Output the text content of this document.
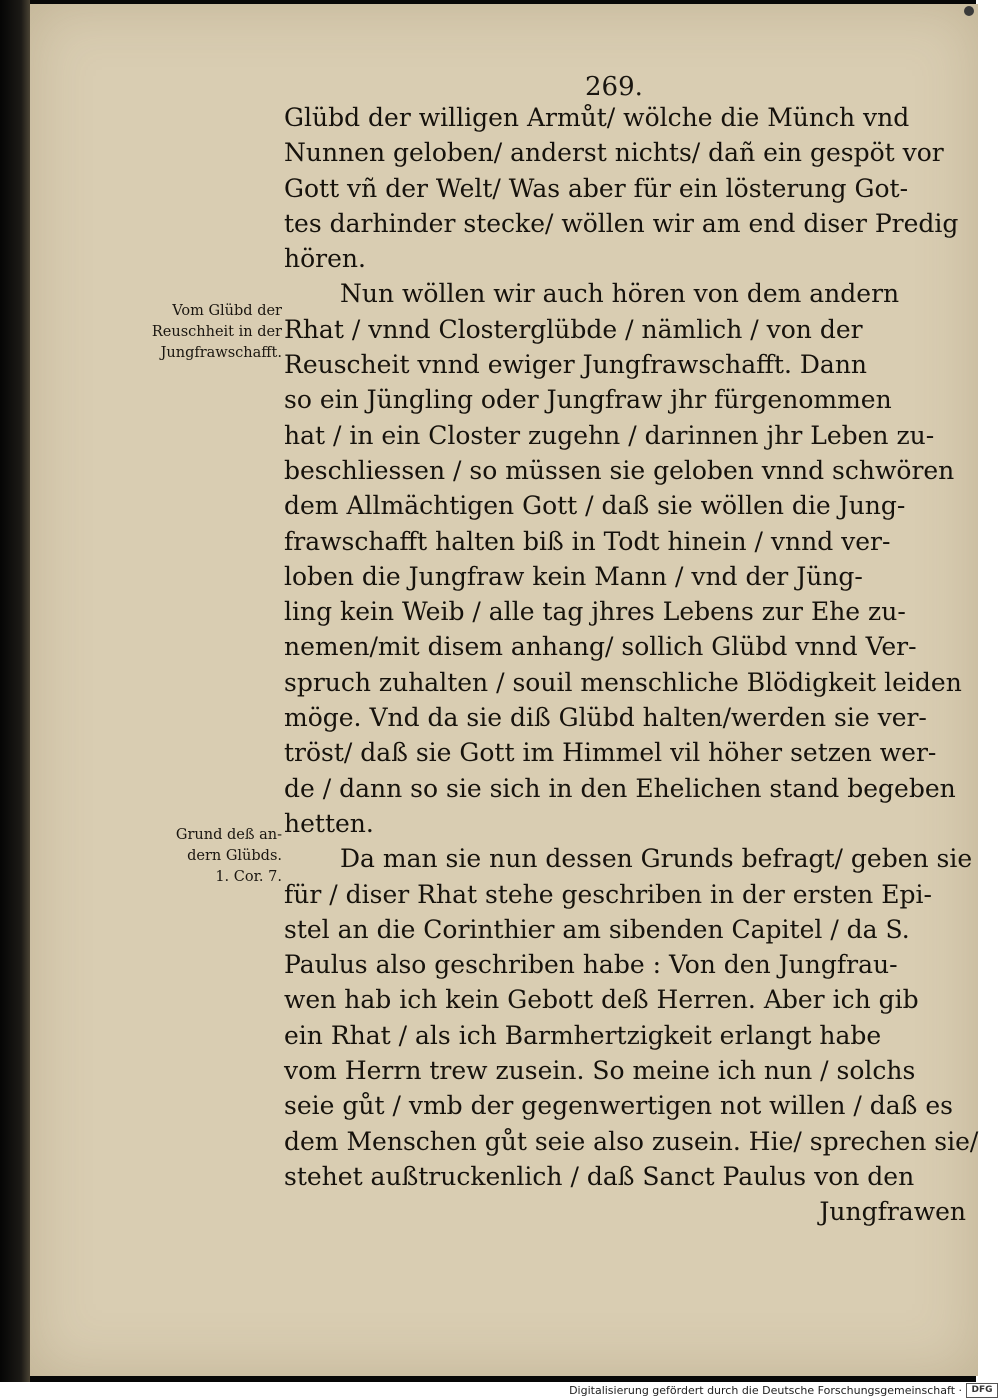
269.
Vom Glübd der
Reuschheit in der
Jungfrawschafft.
Grund deß an-
dern Glübds.
1. Cor. 7.
Glübd der willigen Armůt/ wölche die Münch vnd
Nunnen geloben/ anderst nichts/ dañ ein gespöt vor
Gott vñ der Welt/ Was aber für ein lösterung Got-
tes darhinder stecke/ wöllen wir am end diser Predig
hören.
Nun wöllen wir auch hören von dem andern
Rhat / vnnd Closterglübde / nämlich / von der
Reuscheit vnnd ewiger Jungfrawschafft. Dann
so ein Jüngling oder Jungfraw jhr fürgenommen
hat / in ein Closter zugehn / darinnen jhr Leben zu-
beschliessen / so müssen sie geloben vnnd schwören
dem Allmächtigen Gott / daß sie wöllen die Jung-
frawschafft halten biß in Todt hinein / vnnd ver-
loben die Jungfraw kein Mann / vnd der Jüng-
ling kein Weib / alle tag jhres Lebens zur Ehe zu-
nemen/mit disem anhang/ sollich Glübd vnnd Ver-
spruch zuhalten / souil menschliche Blödigkeit leiden
möge. Vnd da sie diß Glübd halten/werden sie ver-
tröst/ daß sie Gott im Himmel vil höher setzen wer-
de / dann so sie sich in den Ehelichen stand begeben
hetten.
Da man sie nun dessen Grunds befragt/ geben sie
für / diser Rhat stehe geschriben in der ersten Epi-
stel an die Corinthier am sibenden Capitel / da S.
Paulus also geschriben habe : Von den Jungfrau-
wen hab ich kein Gebott deß Herren. Aber ich gib
ein Rhat / als ich Barmhertzigkeit erlangt habe
vom Herrn trew zusein. So meine ich nun / solchs
seie gůt / vmb der gegenwertigen not willen / daß es
dem Menschen gůt seie also zusein. Hie/ sprechen sie/
stehet außtruckenlich / daß Sanct Paulus von den
Jungfrawen
Digitalisierung gefördert durch die Deutsche Forschungsgemeinschaft ·	DFG
